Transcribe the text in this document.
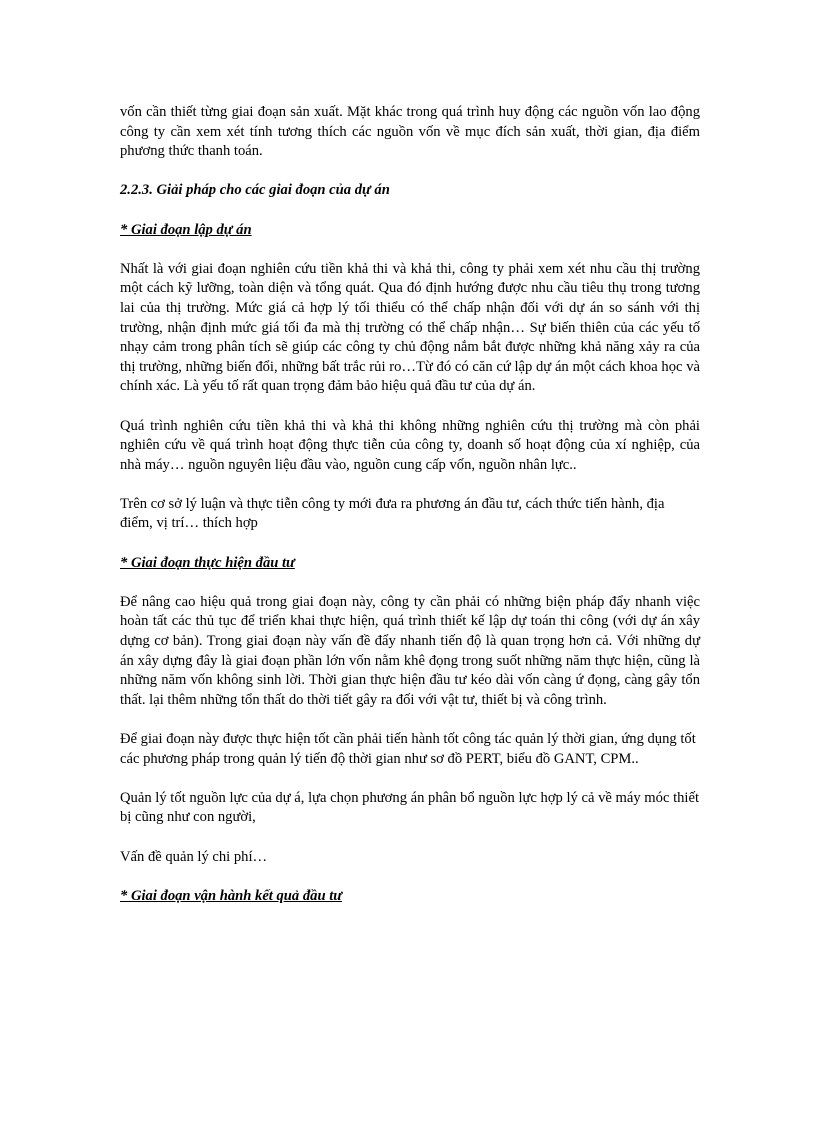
vốn cần thiết từng giai đoạn sản xuất. Mặt khác trong quá trình huy động các nguồn vốn lao động công ty cần xem xét tính tương thích các nguồn vốn về mục đích sản xuất, thời gian, địa điểm phương thức thanh toán.

2.2.3. Giải pháp cho các giai đoạn của dự án

* Giai đoạn lập dự án

Nhất là với giai đoạn nghiên cứu tiền khả thi và khả thi, công ty phải xem xét nhu cầu thị trường một cách kỹ lưỡng, toàn diện và tổng quát. Qua đó định hướng được nhu cầu tiêu thụ trong tương lai của thị trường. Mức giá cả hợp lý tối thiểu có thể chấp nhận đối với dự án so sánh với thị trường, nhận định mức giá tối đa mà thị trường có thể chấp nhận… Sự biến thiên của các yếu tố nhạy cảm trong phân tích sẽ giúp các công ty chủ động nắm bắt được những khả năng xảy ra của thị trường, những biến đổi, những bất trắc rủi ro…Từ đó có căn cứ lập dự án một cách khoa học và chính xác. Là yếu tố rất quan trọng đảm bảo hiệu quả đầu tư của dự án.

Quá trình nghiên cứu tiền khả thi và khả thi không những nghiên cứu thị trường mà còn phải nghiên cứu về quá trình hoạt động thực tiễn của công ty, doanh số hoạt động của xí nghiệp, của nhà máy… nguồn nguyên liệu đầu vào, nguồn cung cấp vốn, nguồn nhân lực..

Trên cơ sở lý luận và thực tiễn công ty mới đưa ra phương án đầu tư, cách thức tiến hành, địa điểm, vị trí… thích hợp

* Giai đoạn thực hiện đầu tư

Để nâng cao hiệu quả trong giai đoạn này, công ty cần phải có những biện pháp đẩy nhanh việc hoàn tất các thủ tục để triển khai thực hiện, quá trình thiết kế lập dự toán thi công (với dự án xây dựng cơ bản). Trong giai đoạn này vấn đề đẩy nhanh tiến độ là quan trọng hơn cả. Với những dự án xây dựng đây là giai đoạn phần lớn vốn nằm khê đọng trong suốt những năm thực hiện, cũng là những năm vốn không sinh lời. Thời gian thực hiện đầu tư kéo dài vốn càng ứ đọng, càng gây tổn thất. lại thêm những tổn thất do thời tiết gây ra đối với vật tư, thiết bị và công trình.

Để giai đoạn này được thực hiện tốt cần phải tiến hành tốt công tác quản lý thời gian, ứng dụng tốt các phương pháp trong quản lý tiến độ thời gian như sơ đồ PERT, biểu đồ GANT, CPM..

Quản lý tốt nguồn lực của dự á, lựa chọn phương án phân bổ nguồn lực hợp lý cả về máy móc thiết bị cũng như con người,

Vấn đề quản lý chi phí…

* Giai đoạn vận hành kết quả đầu tư
